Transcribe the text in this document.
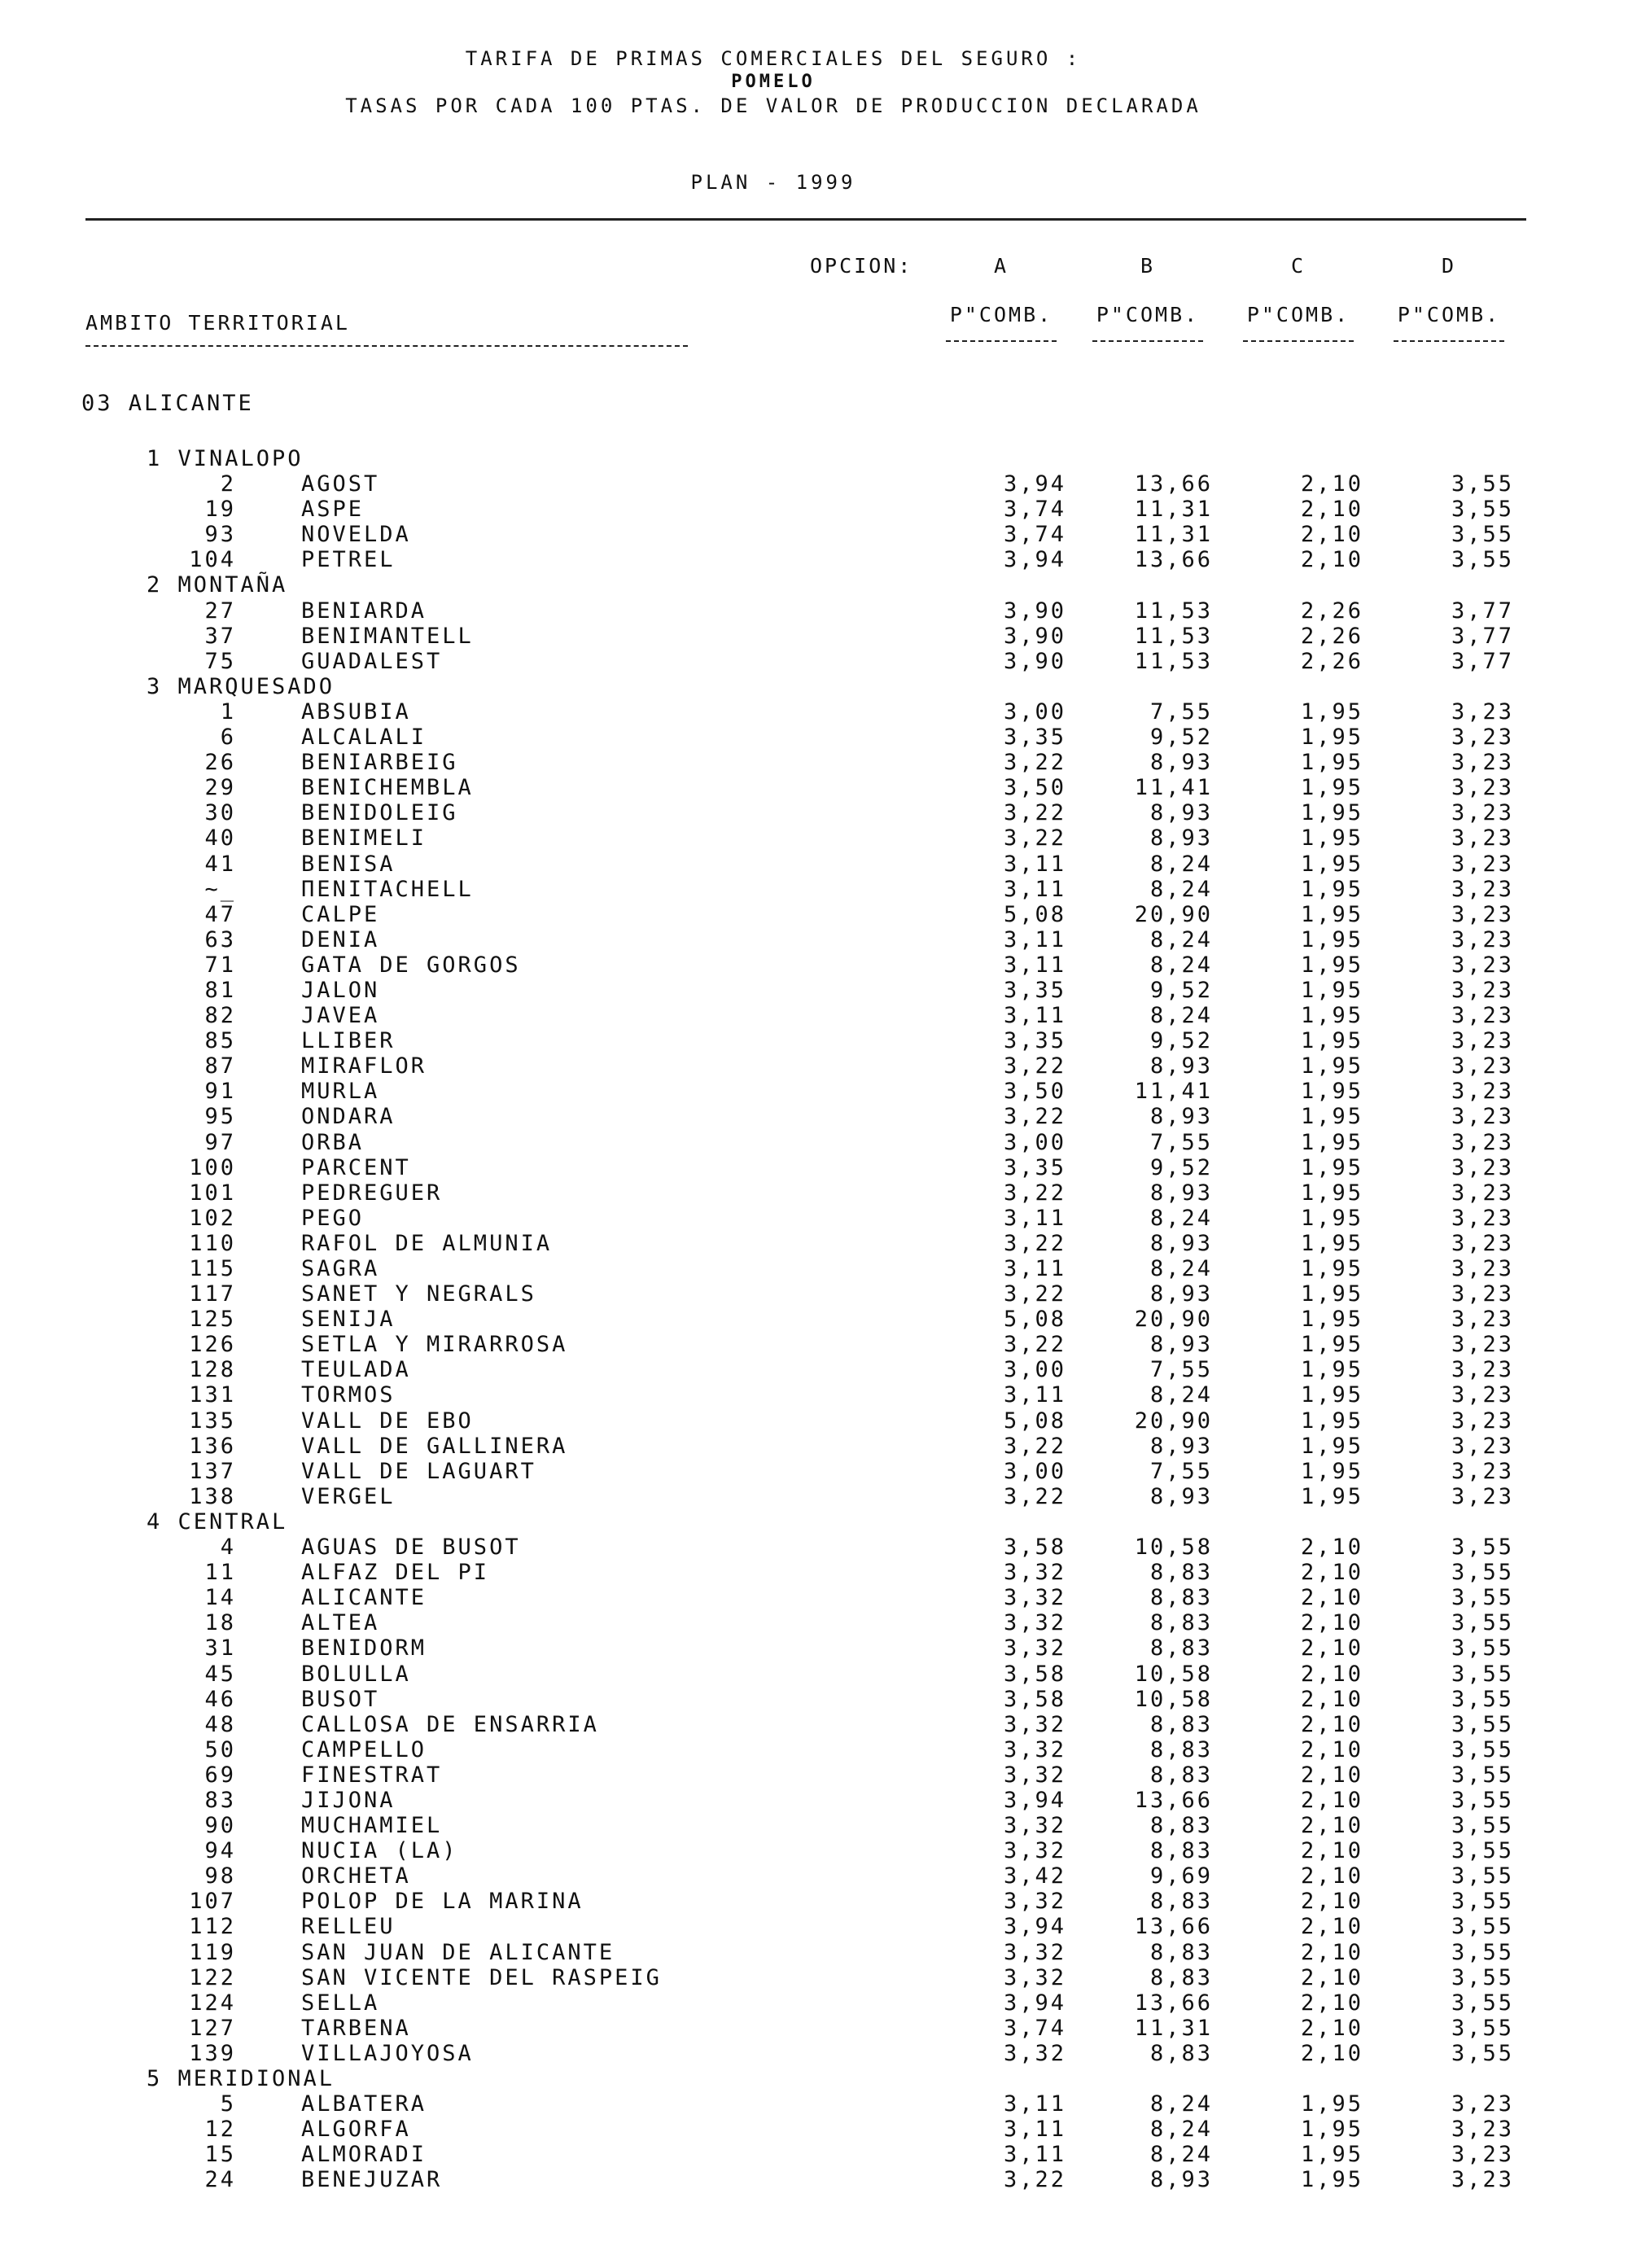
TARIFA DE PRIMAS COMERCIALES DEL SEGURO :
POMELO
TASAS POR CADA 100 PTAS. DE VALOR DE PRODUCCION DECLARADA
PLAN - 1999
OPCION:	A	B	C	D
AMBITO TERRITORIAL	P"COMB.	P"COMB.	P"COMB.	P"COMB.
03 ALICANTE
1 VINALOPO
2	AGOST	3,94	13,66	2,10	3,55
19	ASPE	3,74	11,31	2,10	3,55
93	NOVELDA	3,74	11,31	2,10	3,55
104	PETREL	3,94	13,66	2,10	3,55
2 MONTAÑA
27	BENIARDA	3,90	11,53	2,26	3,77
37	BENIMANTELL	3,90	11,53	2,26	3,77
75	GUADALEST	3,90	11,53	2,26	3,77
3 MARQUESADO
1	ABSUBIA	3,00	7,55	1,95	3,23
6	ALCALALI	3,35	9,52	1,95	3,23
26	BENIARBEIG	3,22	8,93	1,95	3,23
29	BENICHEMBLA	3,50	11,41	1,95	3,23
30	BENIDOLEIG	3,22	8,93	1,95	3,23
40	BENIMELI	3,22	8,93	1,95	3,23
41	BENISA	3,11	8,24	1,95	3,23
~_	ΠENITACHELL	3,11	8,24	1,95	3,23
47	CALPE	5,08	20,90	1,95	3,23
63	DENIA	3,11	8,24	1,95	3,23
71	GATA DE GORGOS	3,11	8,24	1,95	3,23
81	JALON	3,35	9,52	1,95	3,23
82	JAVEA	3,11	8,24	1,95	3,23
85	LLIBER	3,35	9,52	1,95	3,23
87	MIRAFLOR	3,22	8,93	1,95	3,23
91	MURLA	3,50	11,41	1,95	3,23
95	ONDARA	3,22	8,93	1,95	3,23
97	ORBA	3,00	7,55	1,95	3,23
100	PARCENT	3,35	9,52	1,95	3,23
101	PEDREGUER	3,22	8,93	1,95	3,23
102	PEGO	3,11	8,24	1,95	3,23
110	RAFOL DE ALMUNIA	3,22	8,93	1,95	3,23
115	SAGRA	3,11	8,24	1,95	3,23
117	SANET Y NEGRALS	3,22	8,93	1,95	3,23
125	SENIJA	5,08	20,90	1,95	3,23
126	SETLA Y MIRARROSA	3,22	8,93	1,95	3,23
128	TEULADA	3,00	7,55	1,95	3,23
131	TORMOS	3,11	8,24	1,95	3,23
135	VALL DE EBO	5,08	20,90	1,95	3,23
136	VALL DE GALLINERA	3,22	8,93	1,95	3,23
137	VALL DE LAGUART	3,00	7,55	1,95	3,23
138	VERGEL	3,22	8,93	1,95	3,23
4 CENTRAL
4	AGUAS DE BUSOT	3,58	10,58	2,10	3,55
11	ALFAZ DEL PI	3,32	8,83	2,10	3,55
14	ALICANTE	3,32	8,83	2,10	3,55
18	ALTEA	3,32	8,83	2,10	3,55
31	BENIDORM	3,32	8,83	2,10	3,55
45	BOLULLA	3,58	10,58	2,10	3,55
46	BUSOT	3,58	10,58	2,10	3,55
48	CALLOSA DE ENSARRIA	3,32	8,83	2,10	3,55
50	CAMPELLO	3,32	8,83	2,10	3,55
69	FINESTRAT	3,32	8,83	2,10	3,55
83	JIJONA	3,94	13,66	2,10	3,55
90	MUCHAMIEL	3,32	8,83	2,10	3,55
94	NUCIA (LA)	3,32	8,83	2,10	3,55
98	ORCHETA	3,42	9,69	2,10	3,55
107	POLOP DE LA MARINA	3,32	8,83	2,10	3,55
112	RELLEU	3,94	13,66	2,10	3,55
119	SAN JUAN DE ALICANTE	3,32	8,83	2,10	3,55
122	SAN VICENTE DEL RASPEIG	3,32	8,83	2,10	3,55
124	SELLA	3,94	13,66	2,10	3,55
127	TARBENA	3,74	11,31	2,10	3,55
139	VILLAJOYOSA	3,32	8,83	2,10	3,55
5 MERIDIONAL
5	ALBATERA	3,11	8,24	1,95	3,23
12	ALGORFA	3,11	8,24	1,95	3,23
15	ALMORADI	3,11	8,24	1,95	3,23
24	BENEJUZAR	3,22	8,93	1,95	3,23
